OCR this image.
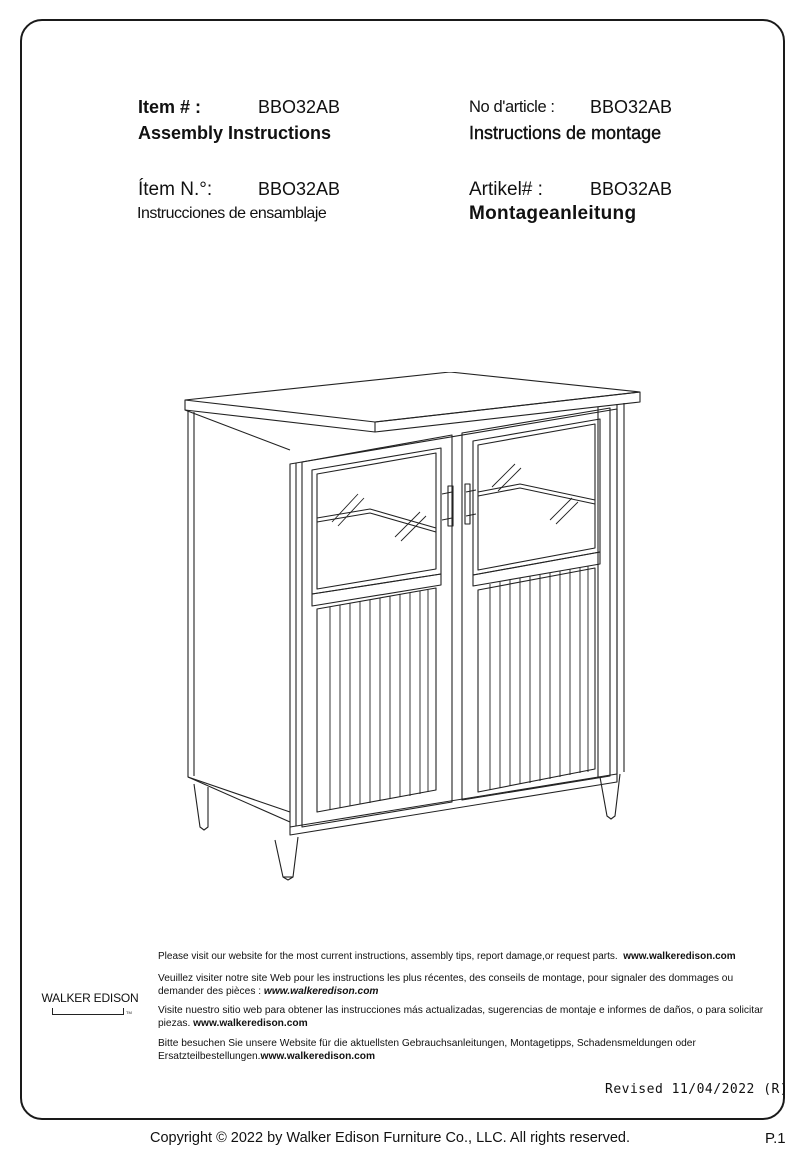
Item # :	BBO32AB
Assembly Instructions
No d'article : BBO32AB
Instructions de montage
Ítem N.°:	BBO32AB
Instrucciones de ensamblaje
Artikel# :	BBO32AB
Montageanleitung
WALKER EDISON
TM
Please visit our website for the most current instructions, assembly tips, report damage,or request parts. www.walkeredison.com
Veuillez visiter notre site Web pour les instructions les plus récentes, des conseils de montage, pour signaler des dommages ou demander des pièces : www.walkeredison.com
Visite nuestro sitio web para obtener las instrucciones más actualizadas, sugerencias de montaje e informes de daños, o para solicitar piezas. www.walkeredison.com
Bitte besuchen Sie unsere Website für die aktuellsten Gebrauchsanleitungen, Montagetipps, Schadensmeldungen oder Ersatzteilbestellungen.www.walkeredison.com
Revised 11/04/2022 (R)
Copyright © 2022 by Walker Edison Furniture Co., LLC. All rights reserved.	P.1
